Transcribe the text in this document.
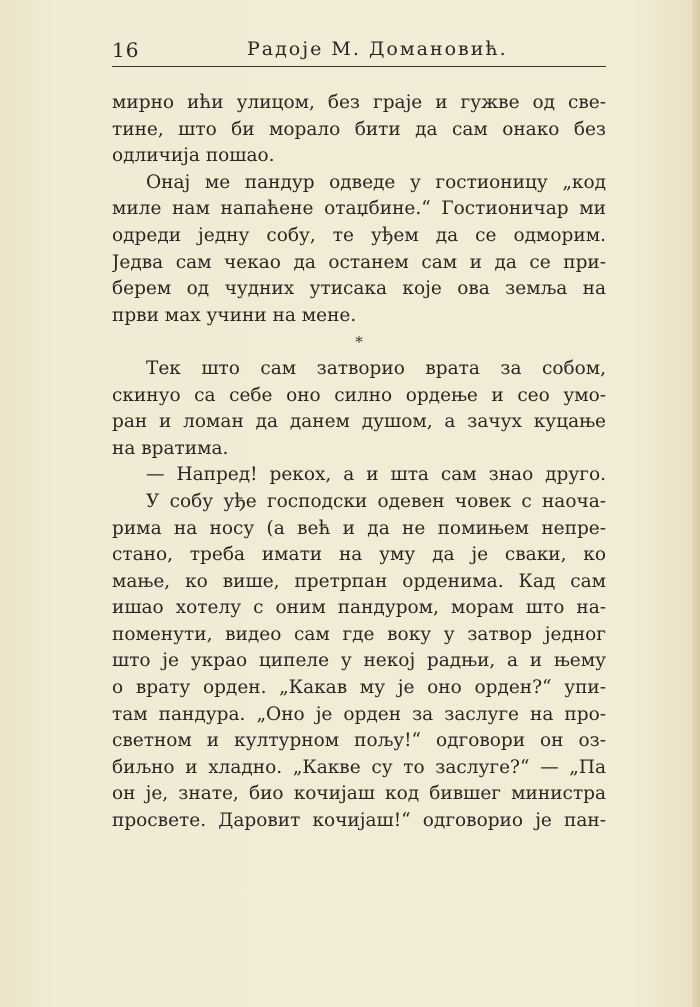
16	Радоје М. Домановић.
мирно ићи улицом, без граје и гужве од све-
тине, што би морало бити да сам онако без
одличија пошао.
Онај ме пандур одведе у гостионицу „код
миле нам напаћене отаџбине.“ Гостионичар ми
одреди једну собу, те уђем да се одморим.
Једва сам чекао да останем сам и да се при-
берем од чудних утисака које ова земља на
први мах учини на мене.
*
Тек што сам затворио врата за собом,
скинуо са себе оно силно ордење и сео умо-
ран и ломан да данем душом, а зачух куцање
на вратима.
— Напред! рекох, а и шта сам знао друго.
У собу уђе господски одевен човек с наоча-
рима на носу (а већ и да не помињем непре-
стано, треба имати на уму да је сваки, ко
мање, ко више, претрпан орденима. Кад сам
ишао хотелу с оним пандуром, морам што на-
поменути, видео сам где воку у затвор једног
што је украо ципеле у некој радњи, а и њему
о врату орден. „Какав му је оно орден?“ упи-
там пандура. „Оно је орден за заслуге на про-
светном и културном пољу!“ одговори он оз-
биљно и хладно. „Какве су то заслуге?“ — „Па
он је, знате, био кочијаш код бившег министра
просвете. Даровит кочијаш!“ одговорио је пан-
